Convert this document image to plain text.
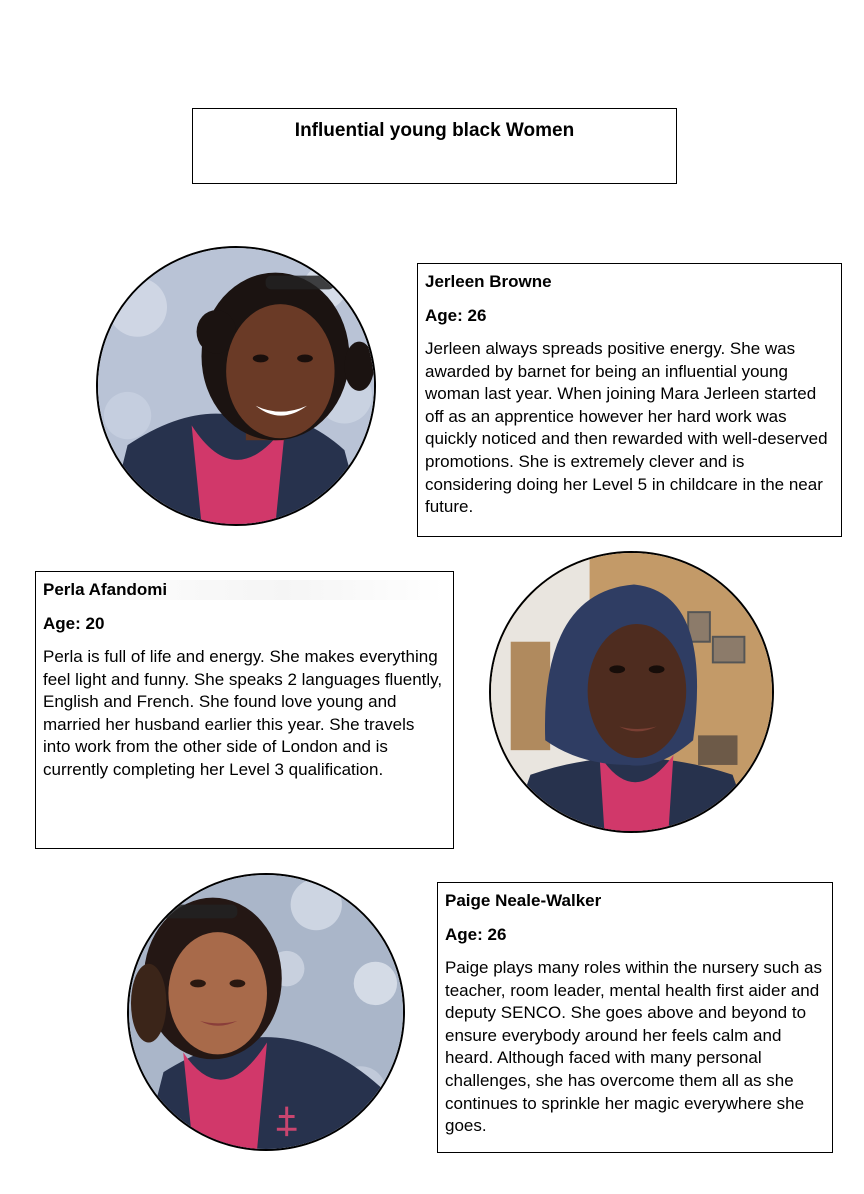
Influential young black Women
Jerleen Browne
Age: 26
Jerleen always spreads positive energy. She was awarded by barnet for being an influential young woman last year. When joining Mara Jerleen started off as an apprentice however her hard work was quickly noticed and then rewarded with well-deserved promotions. She is extremely clever and is considering doing her Level 5 in childcare in the near future.
Perla Afandomi
Age: 20
Perla is full of life and energy. She makes everything feel light and funny. She speaks 2 languages fluently, English and French. She found love young and married her husband earlier this year. She travels into work from the other side of London and is currently completing her Level 3 qualification.
Paige Neale-Walker
Age: 26
Paige plays many roles within the nursery such as teacher, room leader, mental health first aider and deputy SENCO. She goes above and beyond to ensure everybody around her feels calm and heard. Although faced with many personal challenges, she has overcome them all as she continues to sprinkle her magic everywhere she goes.
